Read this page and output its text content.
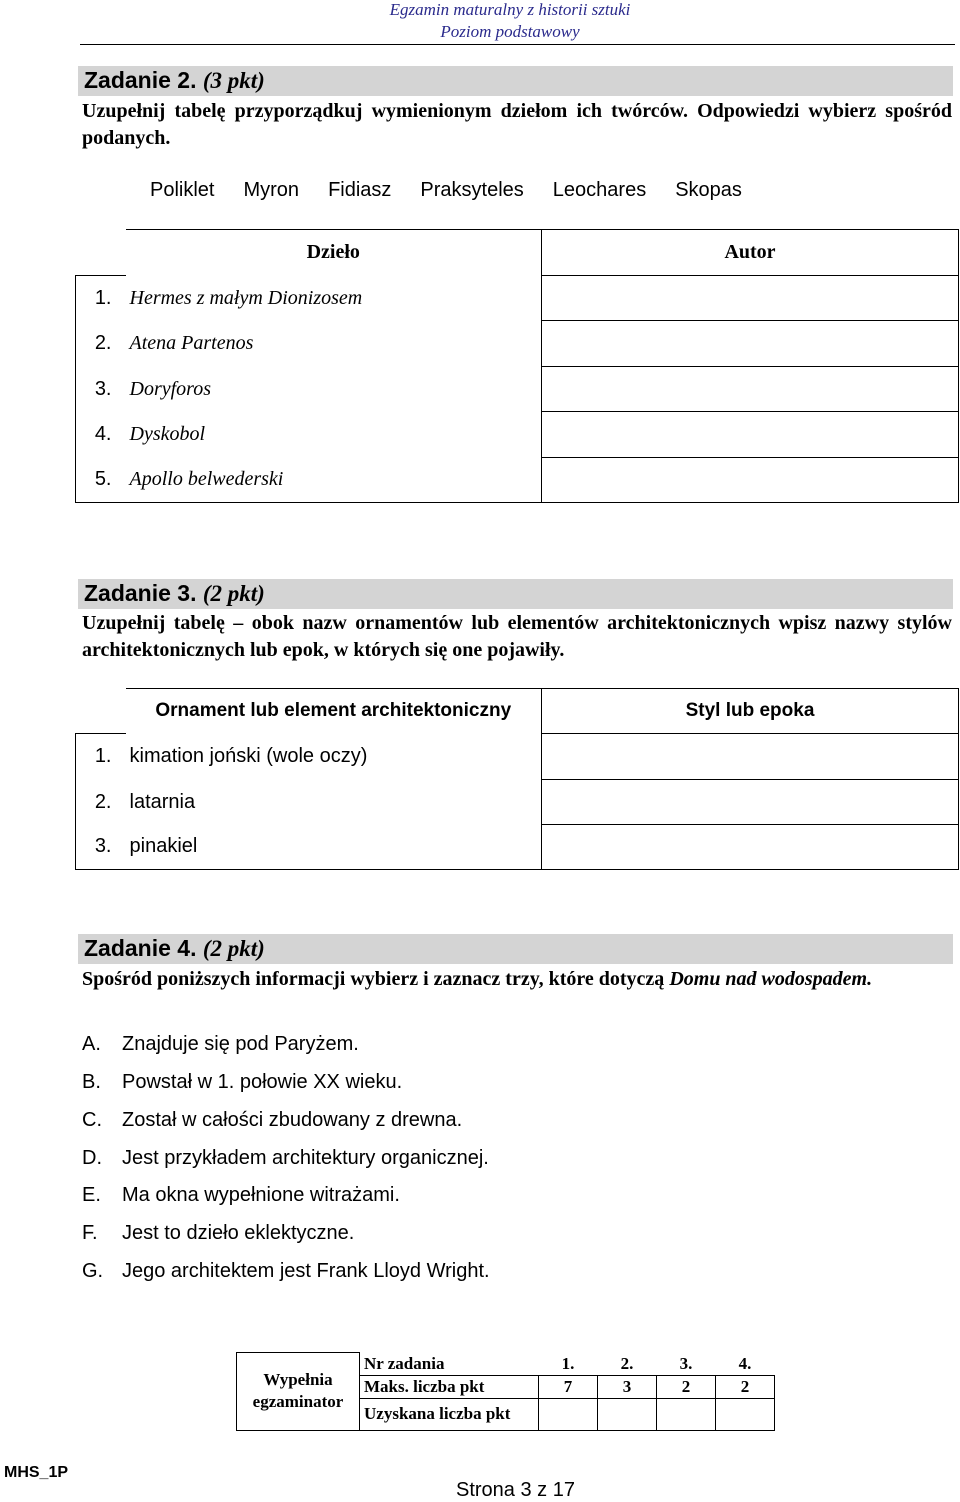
Egzamin maturalny z historii sztuki
Poziom podstawowy
Zadanie 2. (3 pkt)
Uzupełnij tabelę przyporządkuj wymienionym dziełom ich twórców. Odpowiedzi wybierz spośród podanych.
Poliklet Myron Fidiasz Praksyteles Leochares Skopas
	Dzieło	Autor
1.	Hermes z małym Dionizosem	
2.	Atena Partenos	
3.	Doryforos	
4.	Dyskobol	
5.	Apollo belwederski	
Zadanie 3. (2 pkt)
Uzupełnij tabelę – obok nazw ornamentów lub elementów architektonicznych wpisz nazwy stylów architektonicznych lub epok, w których się one pojawiły.
	Ornament lub element architektoniczny	Styl lub epoka
1.	kimation joński (wole oczy)	
2.	latarnia	
3.	pinakiel	
Zadanie 4. (2 pkt)
Spośród poniższych informacji wybierz i zaznacz trzy, które dotyczą Domu nad wodospadem.
A. Znajduje się pod Paryżem.
B. Powstał w 1. połowie XX wieku.
C. Został w całości zbudowany z drewna.
D. Jest przykładem architektury organicznej.
E. Ma okna wypełnione witrażami.
F. Jest to dzieło eklektyczne.
G. Jego architektem jest Frank Lloyd Wright.
Wypełnia
egzaminator	Nr zadania	1.	2.	3.	4.
	Maks. liczba pkt	7	3	2	2
	Uzyskana liczba pkt				
MHS_1P
Strona 3 z 17
